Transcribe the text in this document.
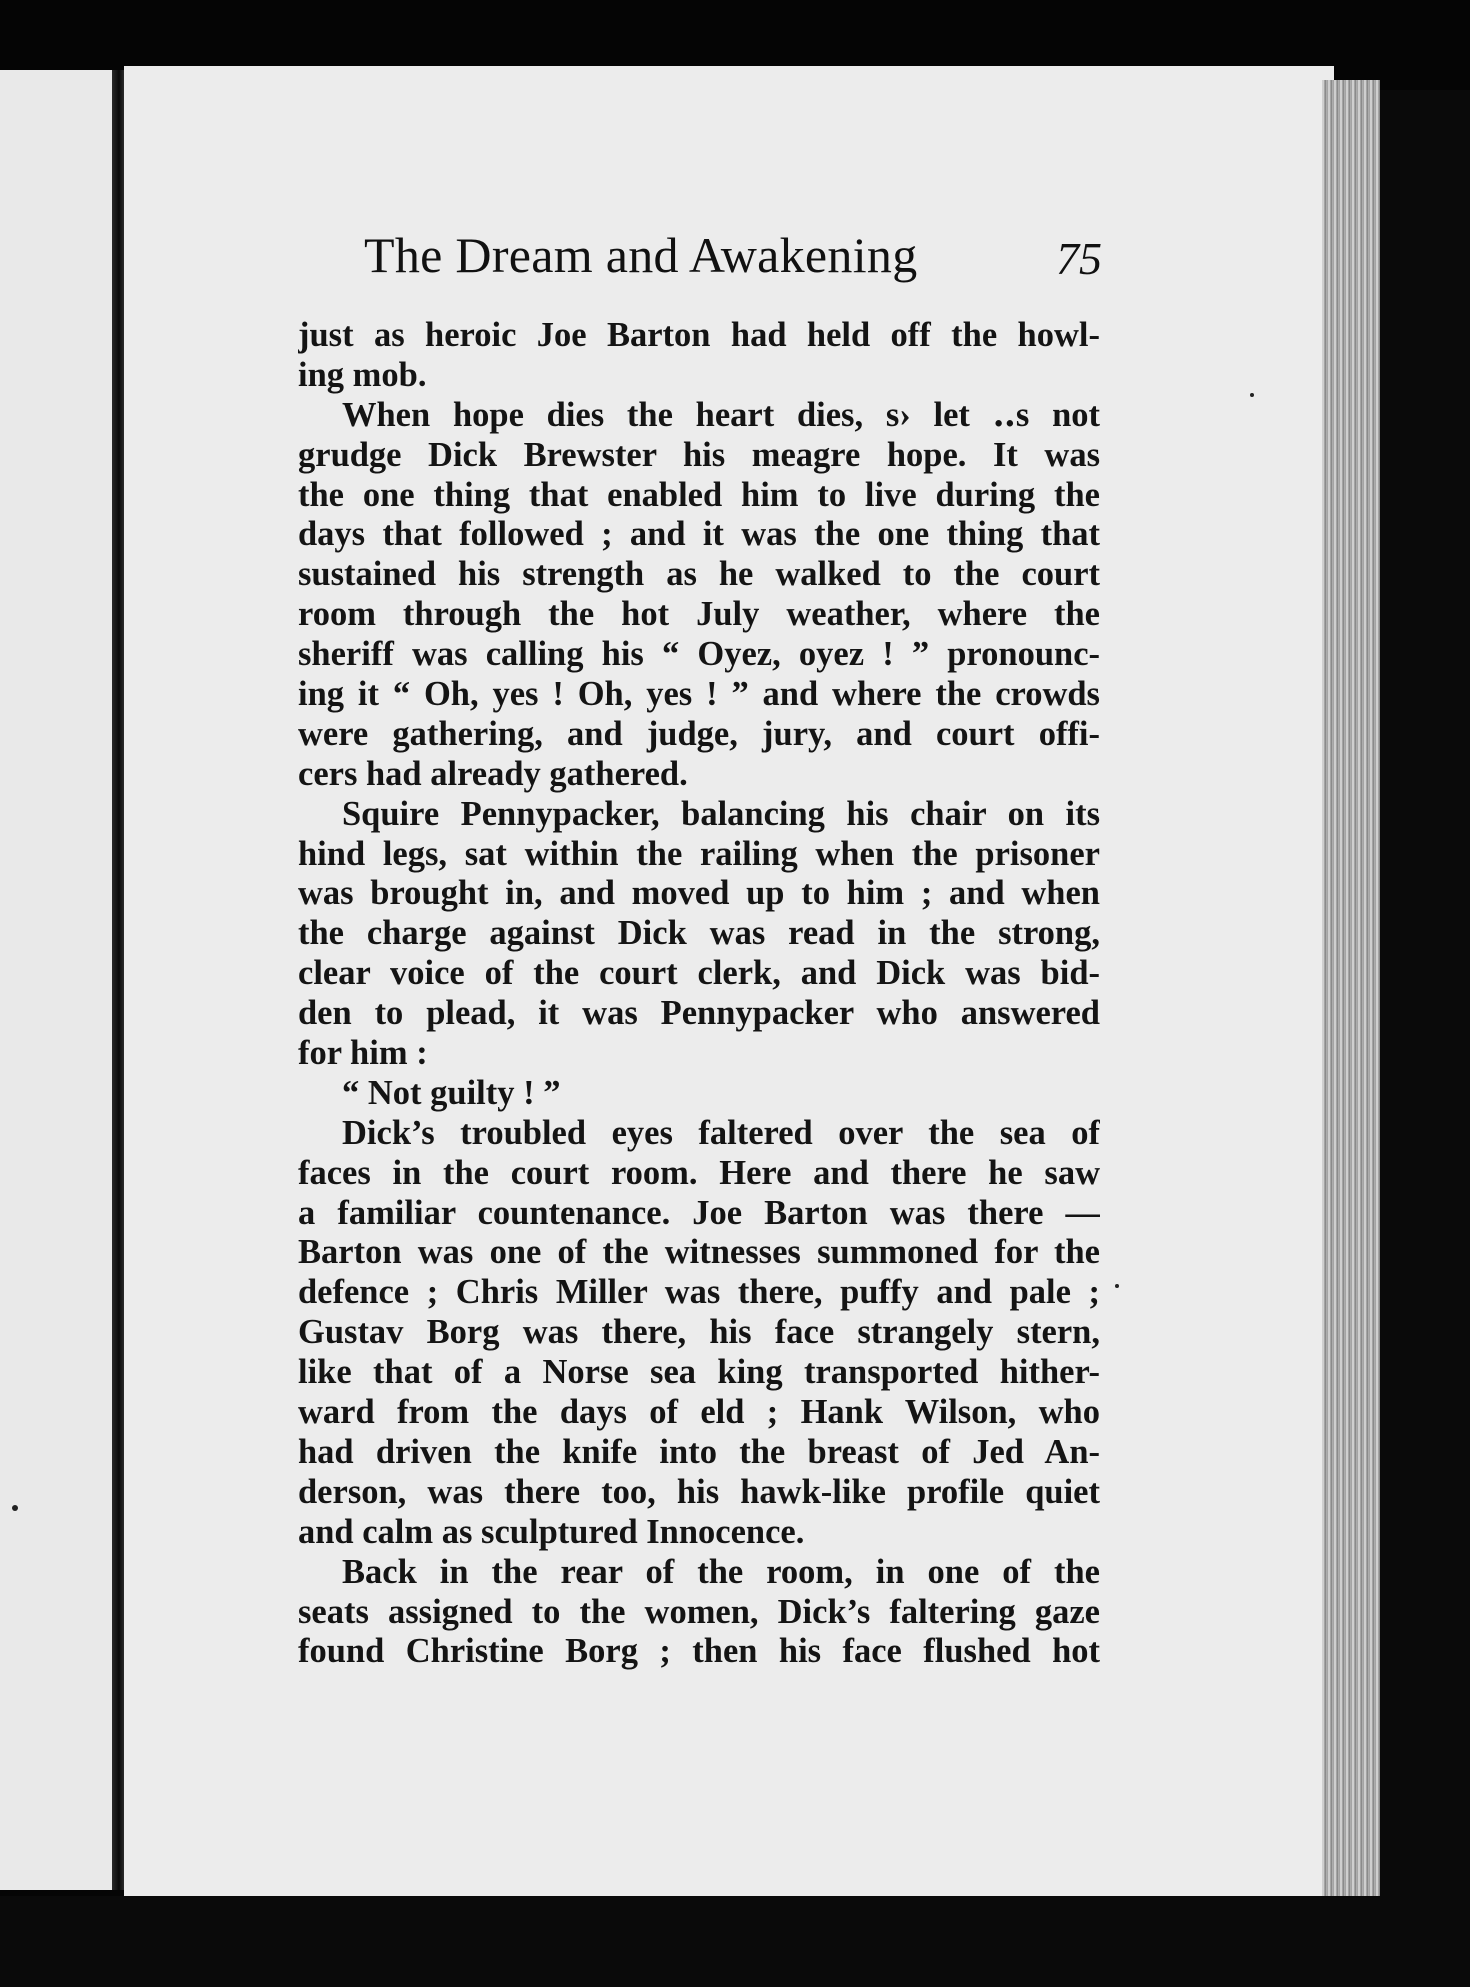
The Dream and Awakening	75
just as heroic Joe Barton had held off the howl-
ing mob.
When hope dies the heart dies, s› let ‥s not
grudge Dick Brewster his meagre hope. It was
the one thing that enabled him to live during the
days that followed ; and it was the one thing that
sustained his strength as he walked to the court
room through the hot July weather, where the
sheriff was calling his “ Oyez, oyez ! ” pronounc-
ing it “ Oh, yes ! Oh, yes ! ” and where the crowds
were gathering, and judge, jury, and court offi-
cers had already gathered.
Squire Pennypacker, balancing his chair on its
hind legs, sat within the railing when the prisoner
was brought in, and moved up to him ; and when
the charge against Dick was read in the strong,
clear voice of the court clerk, and Dick was bid-
den to plead, it was Pennypacker who answered
for him :
“ Not guilty ! ”
Dick’s troubled eyes faltered over the sea of
faces in the court room. Here and there he saw
a familiar countenance. Joe Barton was there —
Barton was one of the witnesses summoned for the
defence ; Chris Miller was there, puffy and pale ;
Gustav Borg was there, his face strangely stern,
like that of a Norse sea king transported hither-
ward from the days of eld ; Hank Wilson, who
had driven the knife into the breast of Jed An-
derson, was there too, his hawk-like profile quiet
and calm as sculptured Innocence.
Back in the rear of the room, in one of the
seats assigned to the women, Dick’s faltering gaze
found Christine Borg ; then his face flushed hot
